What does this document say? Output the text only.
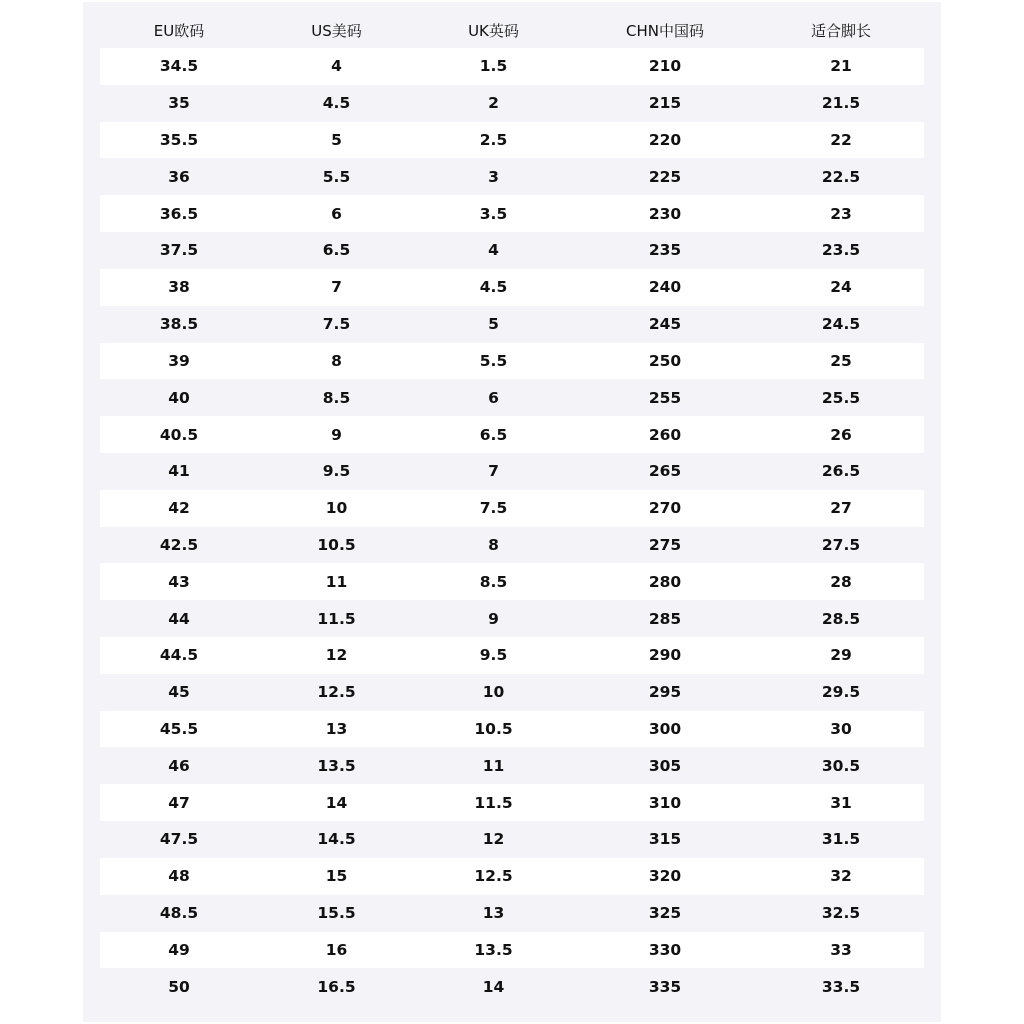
EU欧码	US美码	UK英码	CHN中国码	适合脚长
34.5	4	1.5	210	21
35	4.5	2	215	21.5
35.5	5	2.5	220	22
36	5.5	3	225	22.5
36.5	6	3.5	230	23
37.5	6.5	4	235	23.5
38	7	4.5	240	24
38.5	7.5	5	245	24.5
39	8	5.5	250	25
40	8.5	6	255	25.5
40.5	9	6.5	260	26
41	9.5	7	265	26.5
42	10	7.5	270	27
42.5	10.5	8	275	27.5
43	11	8.5	280	28
44	11.5	9	285	28.5
44.5	12	9.5	290	29
45	12.5	10	295	29.5
45.5	13	10.5	300	30
46	13.5	11	305	30.5
47	14	11.5	310	31
47.5	14.5	12	315	31.5
48	15	12.5	320	32
48.5	15.5	13	325	32.5
49	16	13.5	330	33
50	16.5	14	335	33.5
